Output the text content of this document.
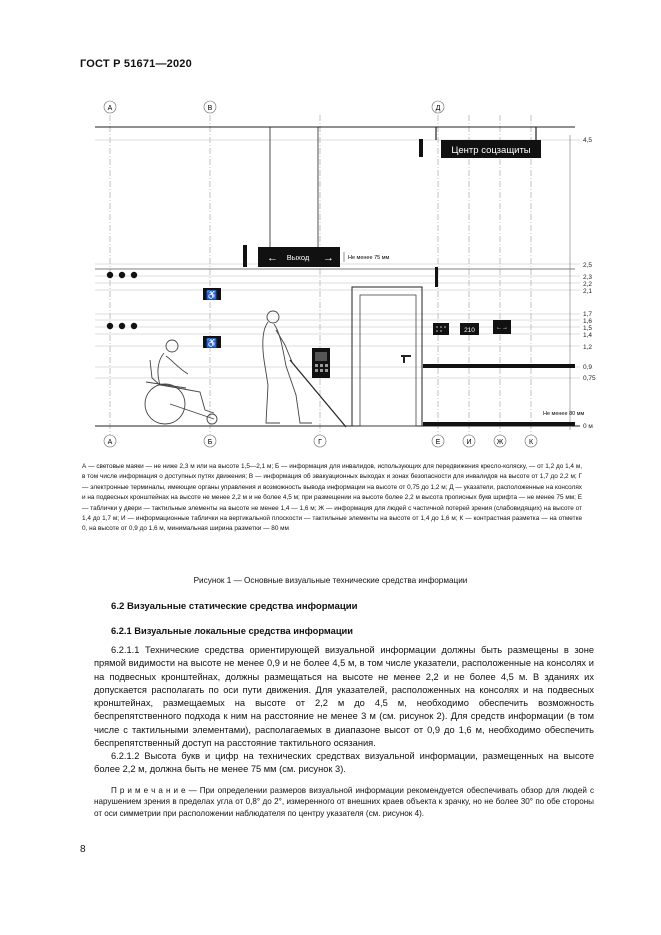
ГОСТ Р 51671—2020
А	В	Д
А	Б	Г	Е	И	Ж	К
4,5
2,5
2,3
2,2
2,1
1,7
1,6
1,5
1,4
1,2
0,9
0,75
0 м
♿
♿
Центр соцзащиты
← Выход →	Не менее 75 мм
210	←→
Не менее 80 мм

А — световые маяки — не ниже 2,3 м или на высоте 1,5—2,1 м; Б — информация для инвалидов, использующих для передвижения кресло-коляску, — от 1,2 до 1,4 м, в том числе информация о доступных путях движения; В — информация об эвакуационных выходах и зонах безопасности для инвалидов на высоте от 1,7 до 2,2 м; Г — электронные терминалы, имеющие органы управления и возможность вывода информации на высоте от 0,75 до 1,2 м; Д — указатели, расположенные на консолях и на подвесных кронштейнах на высоте не менее 2,2 м и не более 4,5 м; при размещении на высоте более 2,2 м высота прописных букв шрифта — не менее 75 мм; Е — таблички у двери — тактильные элементы на высоте не менее 1,4 — 1,6 м; Ж — информация для людей с частичной потерей зрения (слабовидящих) на высоте от 1,4 до 1,7 м; И — информационные таблички на вертикальной плоскости — тактильные элементы на высоте от 1,4 до 1,6 м; К — контрастная разметка — на отметке 0, на высоте от 0,9 до 1,6 м, минимальная ширина разметки — 80 мм

Рисунок 1 — Основные визуальные технические средства информации
6.2 Визуальные статические средства информации
6.2.1 Визуальные локальные средства информации

6.2.1.1 Технические средства ориентирующей визуальной информации должны быть размещены в зоне прямой видимости на высоте не менее 0,9 и не более 4,5 м, в том числе указатели, расположенные на консолях и на подвесных кронштейнах, должны размещаться на высоте не менее 2,2 и не более 4,5 м. В зданиях их допускается располагать по оси пути движения. Для указателей, расположенных на консолях и на подвесных кронштейнах, размещаемых на высоте от 2,2 м до 4,5 м, необходимо обеспечить возможность беспрепятственного подхода к ним на расстояние не менее 3 м (см. рисунок 2). Для средств информации (в том числе с тактильными элементами), располагаемых в диапазоне высот от 0,9 до 1,6 м, необходимо обеспечить беспрепятственный доступ на расстояние тактильного осязания.

6.2.1.2 Высота букв и цифр на технических средствах визуальной информации, размещенных на высоте более 2,2 м, должна быть не менее 75 мм (см. рисунок 3).

П р и м е ч а н и е — При определении размеров визуальной информации рекомендуется обеспечивать обзор для людей с нарушением зрения в пределах угла от 0,8° до 2°, измеренного от внешних краев объекта к зрачку, но не более 30° по обе стороны от оси симметрии при расположении наблюдателя по центру указателя (см. рисунок 4).

8
